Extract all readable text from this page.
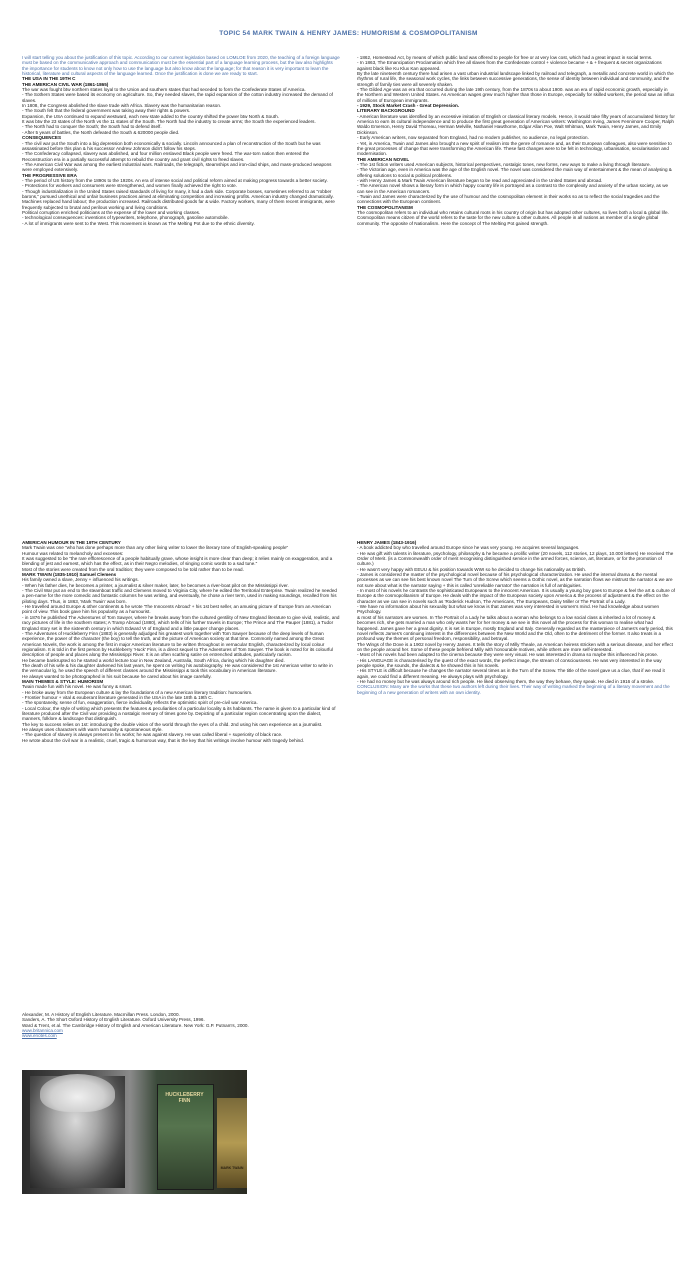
TOPIC 54 MARK TWAIN & HENRY JAMES: HUMORISM & COSMOPOLITANISM

I will start telling you about the justification of this topic. According to our current legislation based on LOMLOE from 2020, the teaching of a foreign language must be based on the communicative approach and communication must be the essential part of a language learning process, but the law also highlights the importance for students to know not only how to use the language but also know about the language; for that reason it is very important to learn the historical, literature and cultural aspects of the language learned. Once the justification is done we are ready to start.

THE USA IN THE 19TH C

THE AMERICAN CIVIL WAR (1861-1865)

The war was fought btw northern states loyal to the Union and southern states that had seceded to form the Confederate States of America.

- The Sothern States were based its economy on agriculture. So, they needed slaves, the rapid expansion of the cotton industry increased the demand of slaves.

In 1808, the Congress abolished the slave trade with Africa. Slavery was the humanitarian reason.

- The South felt that the federal government was taking away their rights & powers.

Expansion, the USA continued to expand westward, each new state added to the country shifted the power btw North & South.

It was btw the 23 states of the North vs the 11 states of the South. The North had the industry to create arms; the South the experienced leaders.

- The North had to conquer the South; the South had to defend itself.

- After 5 years of battles, the North defeated the South & 620000 people died.

CONSEQUENCES

- The civil war put the South into a big depression both economically & socially. Lincoln announced a plan of reconstruction of the South but he was assassinated before this plan & his successor Andrew Johnson didn't follow his steps.

- The Confederacy collapsed, slavery was abolished, and four million enslaved Black people were freed. The war-torn nation then entered the Reconstruction era in a partially successful attempt to rebuild the country and grant civil rights to freed slaves.

- The American Civil War was among the earliest industrial wars. Railroads, the telegraph, steamships and iron-clad ships, and mass-produced weapons were employed extensively.

THE PROGRESSIVE ERA

- The period of US history from the 1890s to the 1920s. An era of intense social and political reform aimed at making progress towards a better society.

- Protections for workers and consumers were strengthened, and women finally achieved the right to vote.

- Though industrialization in the United States raised standards of living for many, it had a dark side. Corporate bosses, sometimes referred to as "robber barons," pursued unethical and unfair business practices aimed at eliminating competition and increasing profits. American industry changed dramatically. Machines replaced hand labour; the production increased. Railroads distributed goods far & wide. Factory workers, many of them recent immigrants, were frequently subjected to brutal and perilous working and living conditions.

Political corruption enriched politicians at the expense of the lower and working classes.

- technological consequences: inventions of typewriters, telephone, phonograph, gasoline automobile.

- A lot of immigrants were sent to the West. This movement is known as The Melting Pot due to the ethnic diversity.

- 1862, Homestead Act, by means of which public land was offered to people for free or at very low cost, which had a great impact in social terms.

- In 1863, The Emancipation Proclamation which free all slaves from the Confederate control + violence became + & + frequent & secret organizations against black like Ku Klux Kan appeared.

By the late nineteenth century there had arisen a vast urban industrial landscape linked by railroad and telegraph, a metallic and concrete world in which the rhythms of rural life, the seasonal work cycles, the links between successive generations, the sense of identity between individual and community, and the strength of family ties were all severely shaken.

- The Gilded Age was an era that occurred during the late 19th century, from the 1870s to about 1900. was an era of rapid economic growth, especially in the Northern and Western United States. As American wages grew much higher than those in Europe, especially for skilled workers, the period saw an influx of millions of European immigrants.

- 1929, Stock Market Crash - Great Depression.

LITERARY BACKGROUND

- American literature was identified by an excessive imitation of English or classical literary models. Hence, it would take fifty years of accumulated history for America to earn its cultural independence and to produce the first great generation of American writers: Washington Irving, James Fennimore Cooper, Ralph Waldo Emerson, Henry David Thoreau, Herman Melville, Nathaniel Hawthorne, Edgar Allan Poe, Walt Whitman, Mark Twain, Henry James, and Emily Dickinson.

- Early American writers, now separated from England, had no modern publisher, no audience, no legal protection.

- Yet, in America, Twain and James also brought a new spirit of realism into the genre of romance and, as their European colleagues, also were sensitive to the great processes of change that were transforming the American life. These fast changes were to be felt in technology, urbanisation, secularisation and modernisation.

THE AMERICAN NOVEL

- The 1st fiction writers used American subjects, historical perspectives, nostalgic tones, new forms, new ways to make a living through literature.

- The Victorian age, even in America was the age of the English novel. The novel was considered the main way of entertainment & the mean of analysing & offering solutions to social & political problems.

- with Henry James & Mark Twain American literature began to be read and appreciated in the United States and abroad.

- The American novel shows a literary form in which happy country life is portrayed as a contrast to the complexity and anxiety of the urban society, as we can see in the American romancers.

- Twain and James were characterized by the use of humour and the cosmopolitan element in their works so as to reflect the social tragedies and the connections with the European continent.

THE COSMOPOLITANISM

The cosmopolitan refers to an individual who retains cultural roots in his country of origin but has adopted other cultures, so lives both a local & global life. Cosmopolitan means citizen of the world refers to the taste for the new culture & other cultures. All people in all nations as member of a single global community. The opposite of Nationalism. Here the concept of The Melting Pot gained strength.

AMERICAN HUMOUR IN THE 19TH CENTURY

Mark Twain was one "who has done perhaps more than any other living writer to lower the literary tone of English-speaking people"

Humour was related to melancholy and excesses:

It was suggested to be "the rare efflorescence of a people habitually grave, whose insight is more clear than deep; it relies mainly on exaggeration, and a blending of jest and earnest, which has the effect, as in their Negro melodies, of singing comic words to a sad tune."

Most of the stories were created from the oral tradition; they were composed to be told rather than to be read.

MARK TWAIN (1835-1910) Samuel Clemens

His family owned a slave, Jenny + influenced his writings.

- When his father dies, he becomes a printer, a journalist & silver maker, later, he becomes a river-boat pilot on the Mississippi river.

- The Civil War put an end to the steamboat traffic and Clemens moved to Virginia City, where he edited the Territorial Enterprise. Twain realized he needed a pen-name for the more comedic and fantastic columns he was writing, and eventually, he chose a river term, used in making soundings, recalled from his piloting days. Thus, in 1863, 'Mark Twain' was born.

- He travelled around Europe & other continents & he wrote 'The Innocents Abroad' + his 1st best seller, an amusing picture of Europe from an American point of view. This book gave him his popularity as a humourist.

- in 1876 he published The Adventures of Tom Sawyer, where he breaks away from the cultured gentility of New England literature to give vivid, realistic, and racy pictures of life in the southern states; A Tramp Abroad (1880), which tells of his further travels in Europe; The Prince and The Pauper (1881), a Tudor England story set in the sixteenth century in which Edward VI of England and a little pauper change places.

- The Adventures of Huckleberry Finn (1883) is generally adjudged his greatest work together with Tom Sawyer because of the deep levels of human experience, the power of the character (the boy) to tell the truth, and the picture of American society at that time. Commonly named among the Great American Novels, the work is among the first in major American literature to be written throughout in vernacular English, characterized by local colour regionalism. It is told in the first person by Huckleberry 'Huck' Finn, is a direct sequel to The Adventures of Tom Sawyer. The book is noted for its colourful description of people and places along the Mississippi River. It is an often scathing satire on entrenched attitudes, particularly racism.

He became bankrupted so he started a world lecture tour in New Zealand, Australia, South Africa, during which his daughter died.

The death of his wife & his daughter darkened his last years, he spent on writing his autobiography. He was considered the 1st American writer to write in the vernacular lg, he used the speech of different classes around the Mississippi & took this vocabulary in American literature.

He always wanted to be photographed in his suit because he cared about his image carefully.

MAIN THEMES & STYLE: HUMORISM

Twain made fun with his novel. He was funny & smart.

- He broke away from the European culture & lay the foundations of a new American literary tradition: humourism.

- Frontier humour + vital & exuberant literature generated in the USA in the late 18th & 19th C.

- The spontaneity, sense of fun, exaggeration, fierce individuality reflects the optimistic spirit of pre-civil war America.

- Local Colour, the style of writing which presents the features & peculiarities of a particular locality & its habitants. The name is given to a particular kind of literature produced after the Civil war providing a nostalgic memory of times gone by. Depicting of a particular region concentrating upon the dialect, manners, folklore & landscape that distinguish.

The key to success relies on 1st: introducing the double vision of the world through the eyes of a child. 2nd using his own experience as a journalist.

He always uses characters with warm humanity & spontaneous style.

- The question of slavery is always present in his works; he was against slavery. He was called liberal + superiority of black race.

He wrote about the civil war in a realistic, cruel, tragic & humorous way, that is the key that his writings involve humour with tragedy behind.

HENRY JAMES (1843-1916)

- A book addicted boy who travelled around Europe since he was very young. He acquires several languages.

- He was gift with talents in literature, psychology, philosophy & he became a prolific writer (20 novels, 112 stories, 12 plays, 10.000 letters) He received The Order of Merit. (is a Commonwealth order of merit recognising distinguished service in the armed forces, science, art, literature, or for the promotion of culture.)

- He wasn't very happy with EEUU & his position towards WWI so he decided to change his nationality as British.

- James is considered the master of the psychological novel because of his psychological characterization. He used the internal drama & the mental processes as we can see his best known novel The Turn of the Screw which seems a Gothic novel, as the narration flows we mistrust the narrator & we are not sure about what is the narrator saying + this is called 'unreliable narrator' the narration is full of ambiguities.

- In most of his novels he contrasts the sophisticated Europeans to the innocent American. It is usually a young boy goes to Europe & feel the art & culture of Europe & the cosmopolitanism of Europe. He deals with the impact of the European society upon America & the process of adjustment & the effect on the character as we can see in novels such as 'Roderick Hudson, The Americans, The Europeans, Daisy Miller or The Portrait of a Lady.

- We have no information about his sexuality but what we know is that James was very interested in women's mind. He had knowledge about women Psychology.

& most of his narrators are women. In The Portrait of a Lady he talks about a woman who belongs to a low social class & inherited a lot of money & becomes rich, she gets married a man who only wants her for her money & we see in this novel all the process for this woman to realise what had happened. James gave her a great dignity. It is set in Europe, mostly England and Italy. Generally regarded as the masterpiece of James's early period, this novel reflects James's continuing interest in the differences between the New World and the Old, often to the detriment of the former. It also treats in a profound way the themes of personal freedom, responsibility, and betrayal.

The Wings of the Dove is a 1902 novel by Henry James. It tells the story of Milly Theale, an American heiress stricken with a serious disease, and her effect on the people around her. Some of these people befriend Milly with honourable motives, while others are more self-interested.

- Most of his novels had been adapted to the cinema because they were very visual. He was interested in drama so maybe this influenced his prose.

- His LANGUAGE is characterised by the quest of the exact words, the perfect image, the stream of consciousness. He was very interested in the way people spoke, the sounds, the dialects & he showed this in his novels.

- His STYLE is difficult because he changes the narrator several times as in the Turn of the Screw. The title of the novel gave us a clue, that if we read it again, we could find a different meaning. He always plays with psychology.

- He had no money but he was always around rich people. He liked observing them, the way they behave, they speak. He died in 1916 of a stroke.

CONCLUSION: Many are the works that these two authors left during their lives. Their way of writing marked the beginning of a literary movement and the beginning of a new generation of writers with an own identity.

Alexander, M. A History of English Literature. Macmillan Press. London, 2000.

Sanders, A. The Short Oxford History of English Literature. Oxford University Press, 1996.

Ward & Trent, et al. The Cambridge History of English and American Literature. New York: G.P. Putnam's, 2000.

www.britannica.com

www.enotes.com

HUCKLEBERRY FINN
MARK TWAIN
